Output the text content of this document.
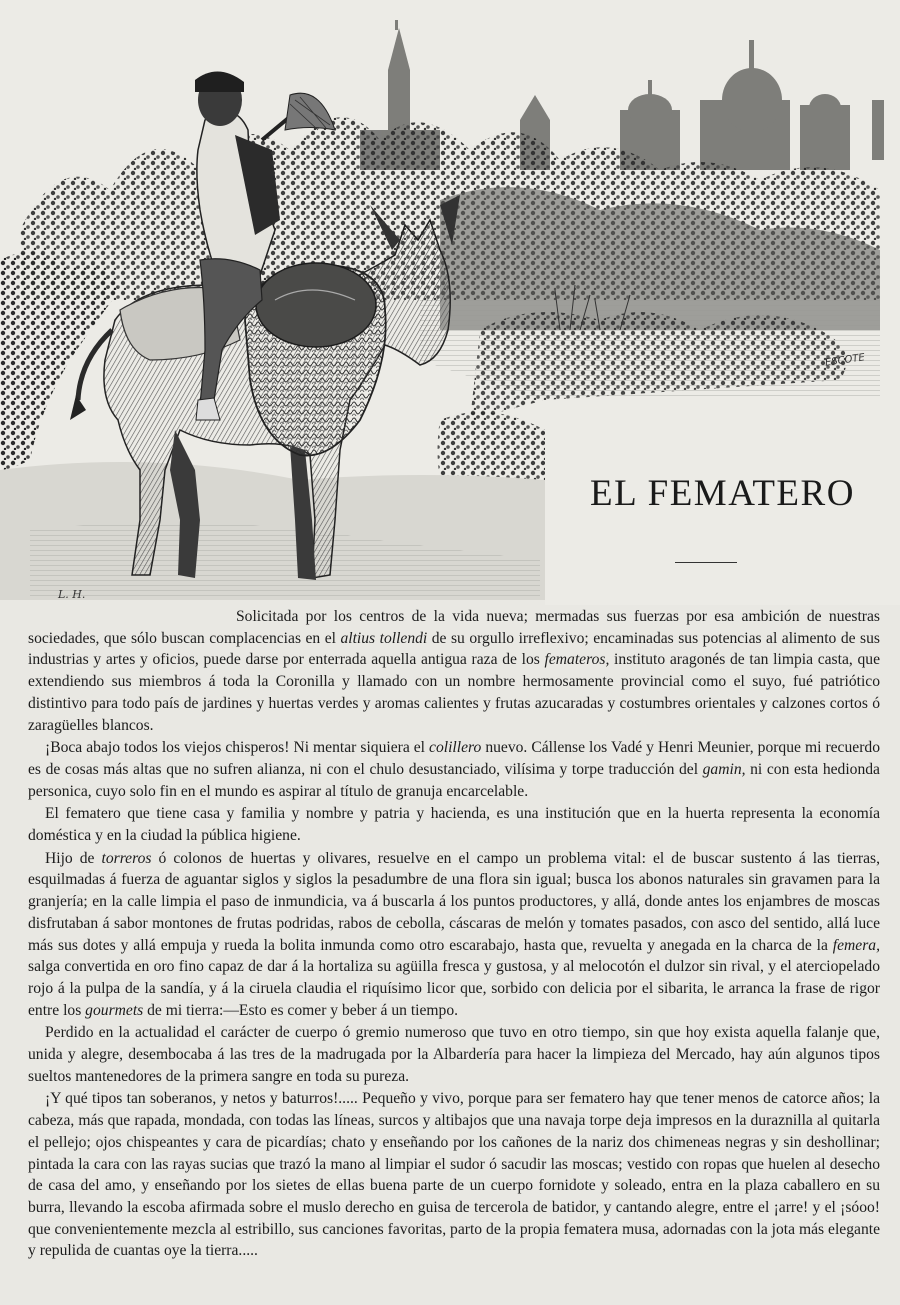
L. H.
ESCOTE
EL FEMATERO

Solicitada por los centros de la vida nueva; mermadas sus fuerzas por esa ambición de nuestras sociedades, que sólo buscan complacencias en el altius tollendi de su orgullo irreflexivo; encaminadas sus potencias al alimento de sus industrias y artes y oficios, puede darse por enterrada aquella antigua raza de los femateros, instituto aragonés de tan limpia casta, que extendiendo sus miembros á toda la Coronilla y llamado con un nombre hermosamente provincial como el suyo, fué patriótico distintivo para todo país de jardines y huertas verdes y aromas calientes y frutas azucaradas y costumbres orientales y calzones cortos ó zaragüelles blancos.

¡Boca abajo todos los viejos chisperos! Ni mentar siquiera el colillero nuevo. Cállense los Vadé y Henri Meunier, porque mi recuerdo es de cosas más altas que no sufren alianza, ni con el chulo desustanciado, vilísima y torpe traducción del gamin, ni con esta hedionda personica, cuyo solo fin en el mundo es aspirar al título de granuja encarcelable.

El fematero que tiene casa y familia y nombre y patria y hacienda, es una institución que en la huerta representa la economía doméstica y en la ciudad la pública higiene.

Hijo de torreros ó colonos de huertas y olivares, resuelve en el campo un problema vital: el de buscar sustento á las tierras, esquilmadas á fuerza de aguantar siglos y siglos la pesadumbre de una flora sin igual; busca los abonos naturales sin gravamen para la granjería; en la calle limpia el paso de inmundicia, va á buscarla á los puntos productores, y allá, donde antes los enjambres de moscas disfrutaban á sabor montones de frutas podridas, rabos de cebolla, cáscaras de melón y tomates pasados, con asco del sentido, allá luce más sus dotes y allá empuja y rueda la bolita inmunda como otro escarabajo, hasta que, revuelta y anegada en la charca de la femera, salga convertida en oro fino capaz de dar á la hortaliza su agüilla fresca y gustosa, y al melocotón el dulzor sin rival, y el aterciopelado rojo á la pulpa de la sandía, y á la ciruela claudia el riquísimo licor que, sorbido con delicia por el sibarita, le arranca la frase de rigor entre los gourmets de mi tierra:—Esto es comer y beber á un tiempo.

Perdido en la actualidad el carácter de cuerpo ó gremio numeroso que tuvo en otro tiempo, sin que hoy exista aquella falanje que, unida y alegre, desembocaba á las tres de la madrugada por la Albardería para hacer la limpieza del Mercado, hay aún algunos tipos sueltos mantenedores de la primera sangre en toda su pureza.

¡Y qué tipos tan soberanos, y netos y baturros!..... Pequeño y vivo, porque para ser fematero hay que tener menos de catorce años; la cabeza, más que rapada, mondada, con todas las líneas, surcos y altibajos que una navaja torpe deja impresos en la duraznilla al quitarla el pellejo; ojos chispeantes y cara de picardías; chato y enseñando por los cañones de la nariz dos chimeneas negras y sin deshollinar; pintada la cara con las rayas sucias que trazó la mano al limpiar el sudor ó sacudir las moscas; vestido con ropas que huelen al desecho de casa del amo, y enseñando por los sietes de ellas buena parte de un cuerpo fornidote y soleado, entra en la plaza caballero en su burra, llevando la escoba afirmada sobre el muslo derecho en guisa de tercerola de batidor, y cantando alegre, entre el ¡arre! y el ¡sóoo! que convenientemente mezcla al estribillo, sus canciones favoritas, parto de la propia fematera musa, adornadas con la jota más elegante y repulida de cuantas oye la tierra.....
